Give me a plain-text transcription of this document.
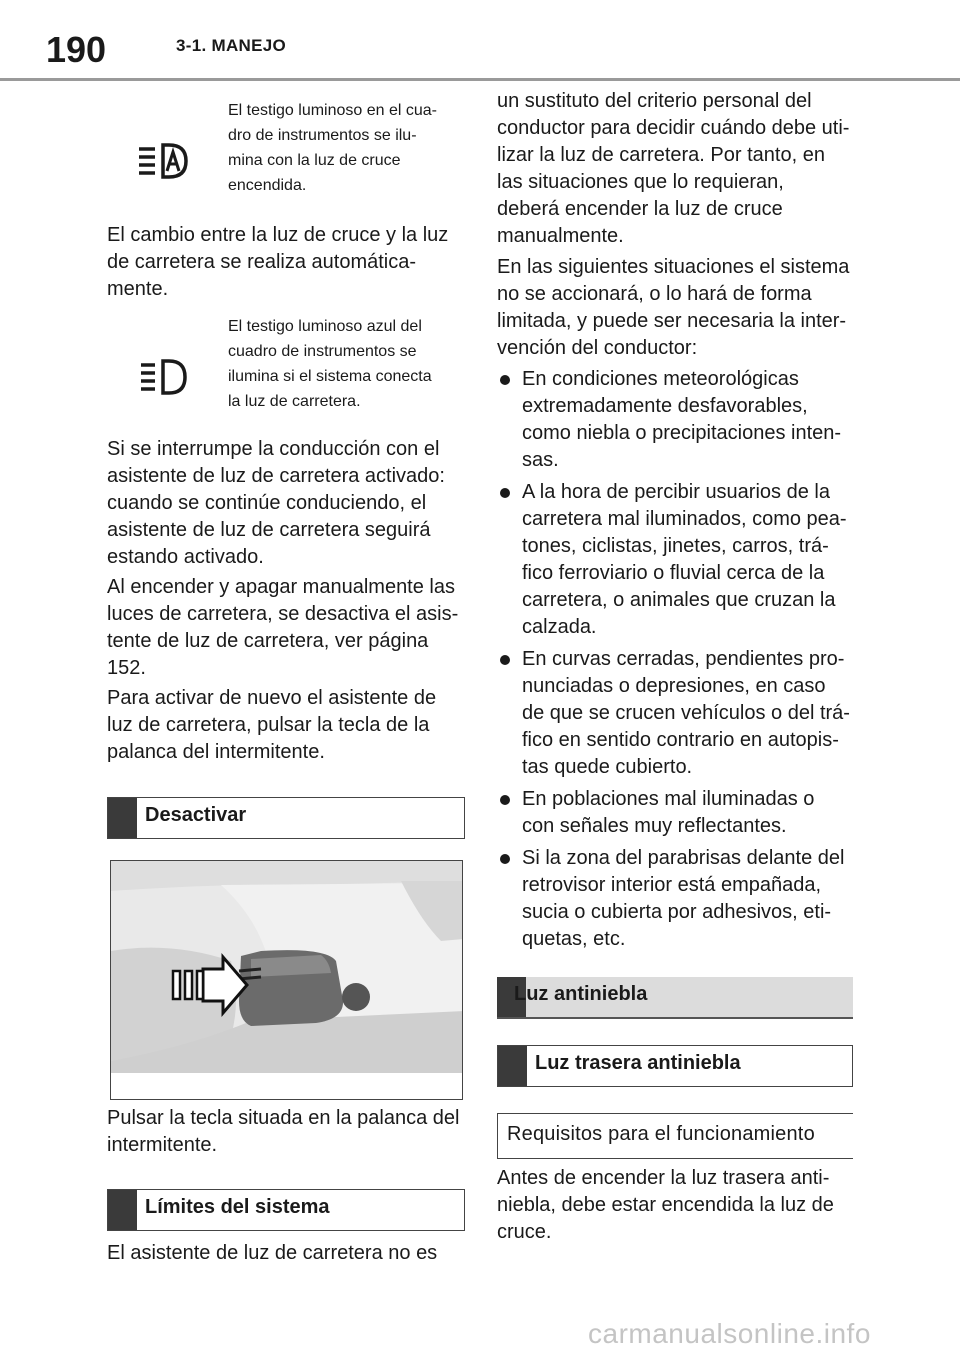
190	3-1. MANEJO

El testigo luminoso en el cua-

dro de instrumentos se ilu-

mina con la luz de cruce

encendida.

El cambio entre la luz de cruce y la luz

de carretera se realiza automática-

mente.

El testigo luminoso azul del

cuadro de instrumentos se

ilumina si el sistema conecta

la luz de carretera.

Si se interrumpe la conducción con el

asistente de luz de carretera activado:

cuando se continúe conduciendo, el

asistente de luz de carretera seguirá

estando activado.

Al encender y apagar manualmente las

luces de carretera, se desactiva el asis-

tente de luz de carretera, ver página

152.

Para activar de nuevo el asistente de

luz de carretera, pulsar la tecla de la

palanca del intermitente.

Desactivar

Pulsar la tecla situada en la palanca del

intermitente.

Límites del sistema

El asistente de luz de carretera no es

un sustituto del criterio personal del

conductor para decidir cuándo debe uti-

lizar la luz de carretera. Por tanto, en

las situaciones que lo requieran,

deberá encender la luz de cruce

manualmente.

En las siguientes situaciones el sistema

no se accionará, o lo hará de forma

limitada, y puede ser necesaria la inter-

vención del conductor:

En condiciones meteorológicas
extremadamente desfavorables,
como niebla o precipitaciones inten-
sas.
A la hora de percibir usuarios de la
carretera mal iluminados, como pea-
tones, ciclistas, jinetes, carros, trá-
fico ferroviario o fluvial cerca de la
carretera, o animales que cruzan la
calzada.
En curvas cerradas, pendientes pro-
nunciadas o depresiones, en caso
de que se crucen vehículos o del trá-
fico en sentido contrario en autopis-
tas quede cubierto.
En poblaciones mal iluminadas o
con señales muy reflectantes.
Si la zona del parabrisas delante del
retrovisor interior está empañada,
sucia o cubierta por adhesivos, eti-
quetas, etc.
Luz antiniebla
Luz trasera antiniebla
Requisitos para el funcionamiento

Antes de encender la luz trasera anti-

niebla, debe estar encendida la luz de

cruce.

carmanualsonline.info
